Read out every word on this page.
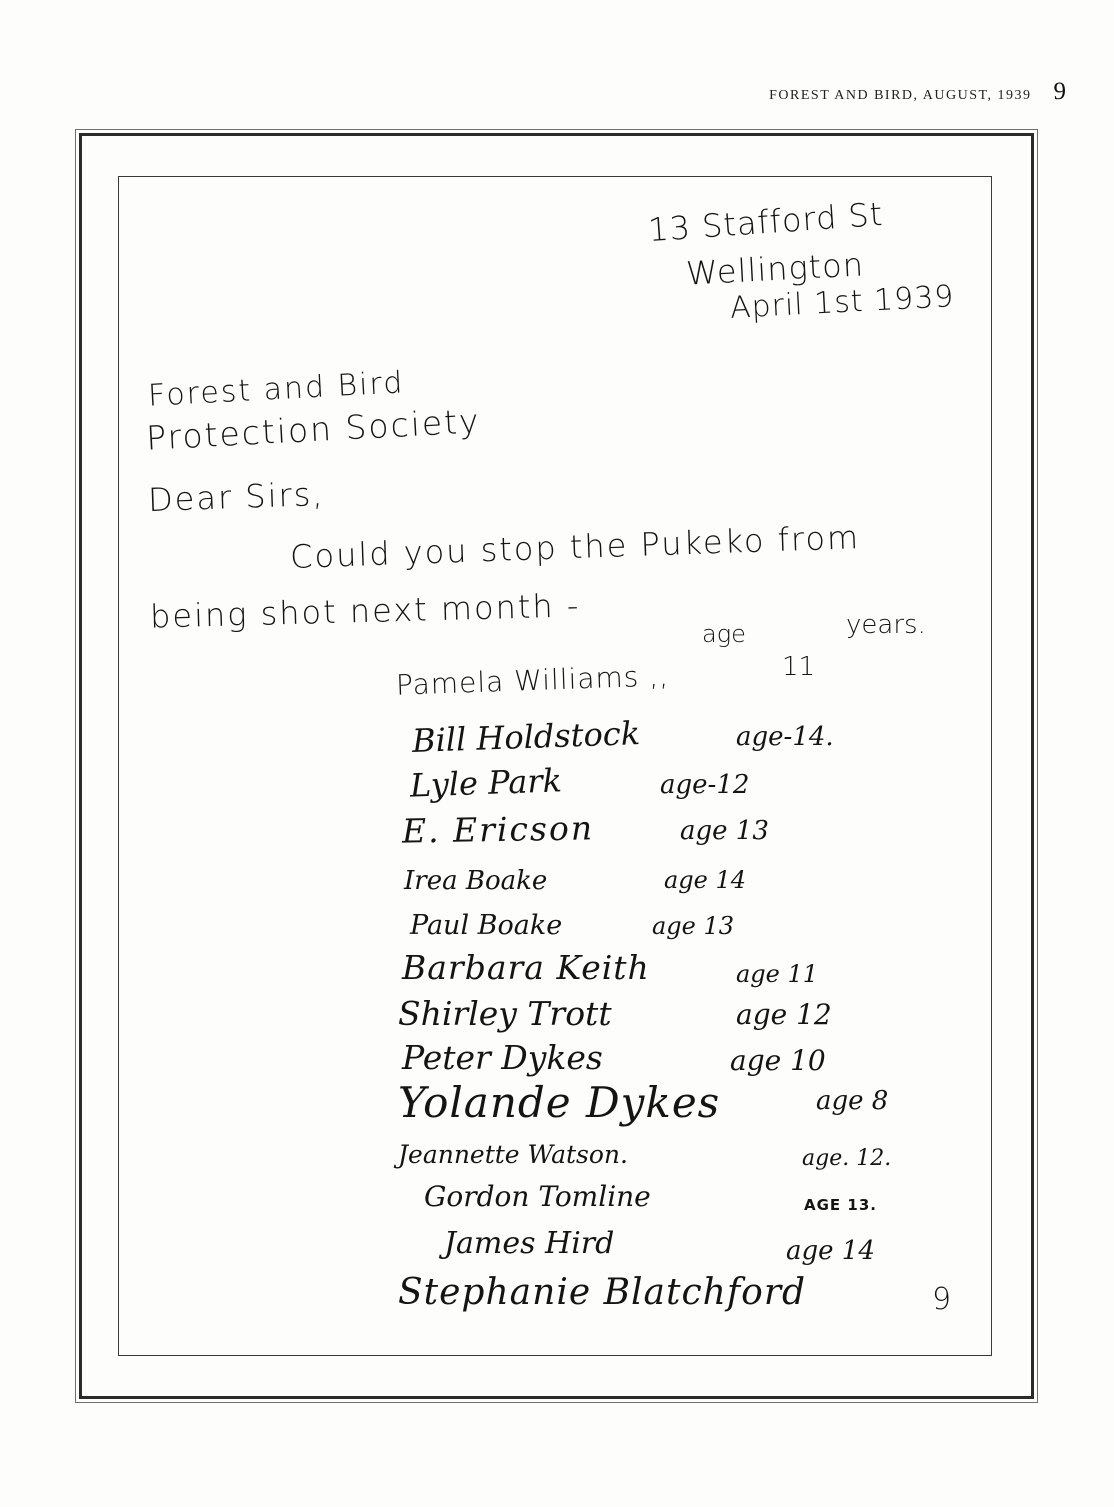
FOREST AND BIRD, AUGUST, 1939 9
13 Stafford St
Wellington
April 1st 1939
Forest and Bird
Protection Society
Dear Sirs,
Could you stop the Pukeko from
being shot next month -	age	years.
Pamela Williams ,,	11
Bill Holdstock	age-14.
Lyle Park	age-12
E. Ericson	age 13
Irea Boake	age 14
Paul Boake	age 13
Barbara Keith	age 11
Shirley Trott	age 12
Peter Dykes	age 10
Yolande Dykes	age 8
Jeannette Watson.	age. 12.
Gordon Tomline	AGE 13.
James Hird	age 14
Stephanie Blatchford	9
